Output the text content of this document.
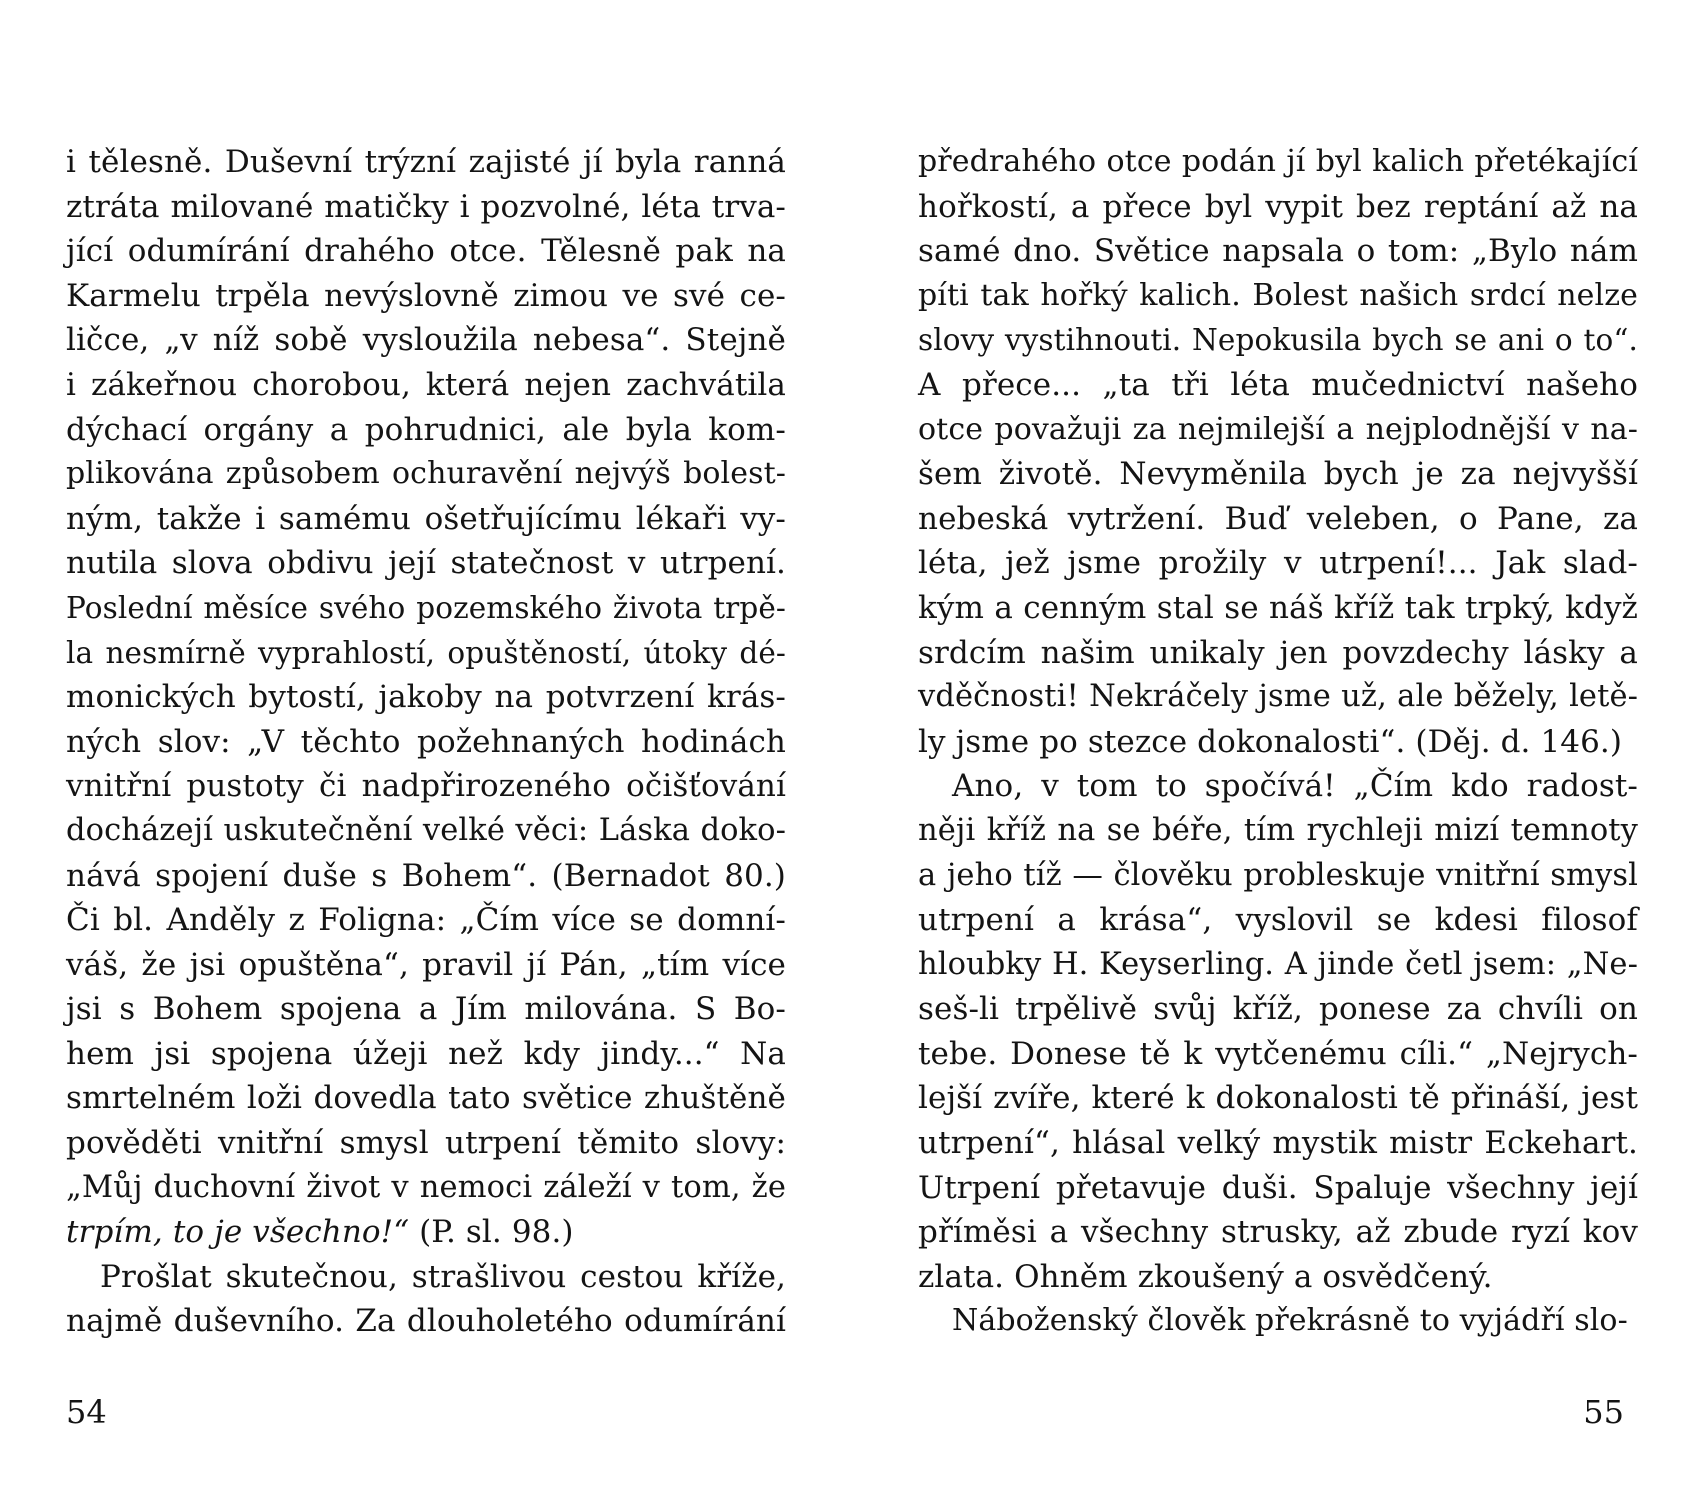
i tělesně. Duševní trýzní zajisté jí byla ranná
ztráta milované matičky i pozvolné, léta trva-
jící odumírání drahého otce. Tělesně pak na
Karmelu trpěla nevýslovně zimou ve své ce-
ličce, „v níž sobě vysloužila nebesa“. Stejně
i zákeřnou chorobou, která nejen zachvátila
dýchací orgány a pohrudnici, ale byla kom-
plikována způsobem ochuravění nejvýš bolest-
ným, takže i samému ošetřujícímu lékaři vy-
nutila slova obdivu její statečnost v utrpení.
Poslední měsíce svého pozemského života trpě-
la nesmírně vyprahlostí, opuštěností, útoky dé-
monických bytostí, jakoby na potvrzení krás-
ných slov: „V těchto požehnaných hodinách
vnitřní pustoty či nadpřirozeného očišťování
docházejí uskutečnění velké věci: Láska doko-
nává spojení duše s Bohem“. (Bernadot 80.)
Či bl. Anděly z Foligna: „Čím více se domní-
váš, že jsi opuštěna“, pravil jí Pán, „tím více
jsi s Bohem spojena a Jím milována. S Bo-
hem jsi spojena úžeji než kdy jindy...“ Na
smrtelném loži dovedla tato světice zhuštěně
pověděti vnitřní smysl utrpení těmito slovy:
„Můj duchovní život v nemoci záleží v tom, že
trpím, to je všechno!“ (P. sl. 98.)
Prošlat skutečnou, strašlivou cestou kříže,
najmě duševního. Za dlouholetého odumírání
54
předrahého otce podán jí byl kalich přetékající
hořkostí, a přece byl vypit bez reptání až na
samé dno. Světice napsala o tom: „Bylo nám
píti tak hořký kalich. Bolest našich srdcí nelze
slovy vystihnouti. Nepokusila bych se ani o to“.
A přece... „ta tři léta mučednictví našeho
otce považuji za nejmilejší a nejplodnější v na-
šem životě. Nevyměnila bych je za nejvyšší
nebeská vytržení. Buď veleben, o Pane, za
léta, jež jsme prožily v utrpení!... Jak slad-
kým a cenným stal se náš kříž tak trpký, když
srdcím našim unikaly jen povzdechy lásky a
vděčnosti! Nekráčely jsme už, ale běžely, letě-
ly jsme po stezce dokonalosti“. (Děj. d. 146.)
Ano, v tom to spočívá! „Čím kdo radost-
něji kříž na se béře, tím rychleji mizí temnoty
a jeho tíž — člověku probleskuje vnitřní smysl
utrpení a krása“, vyslovil se kdesi filosof
hloubky H. Keyserling. A jinde četl jsem: „Ne-
seš-li trpělivě svůj kříž, ponese za chvíli on
tebe. Donese tě k vytčenému cíli.“ „Nejrych-
lejší zvíře, které k dokonalosti tě přináší, jest
utrpení“, hlásal velký mystik mistr Eckehart.
Utrpení přetavuje duši. Spaluje všechny její
příměsi a všechny strusky, až zbude ryzí kov
zlata. Ohněm zkoušený a osvědčený.
Náboženský člověk překrásně to vyjádří slo-
55
